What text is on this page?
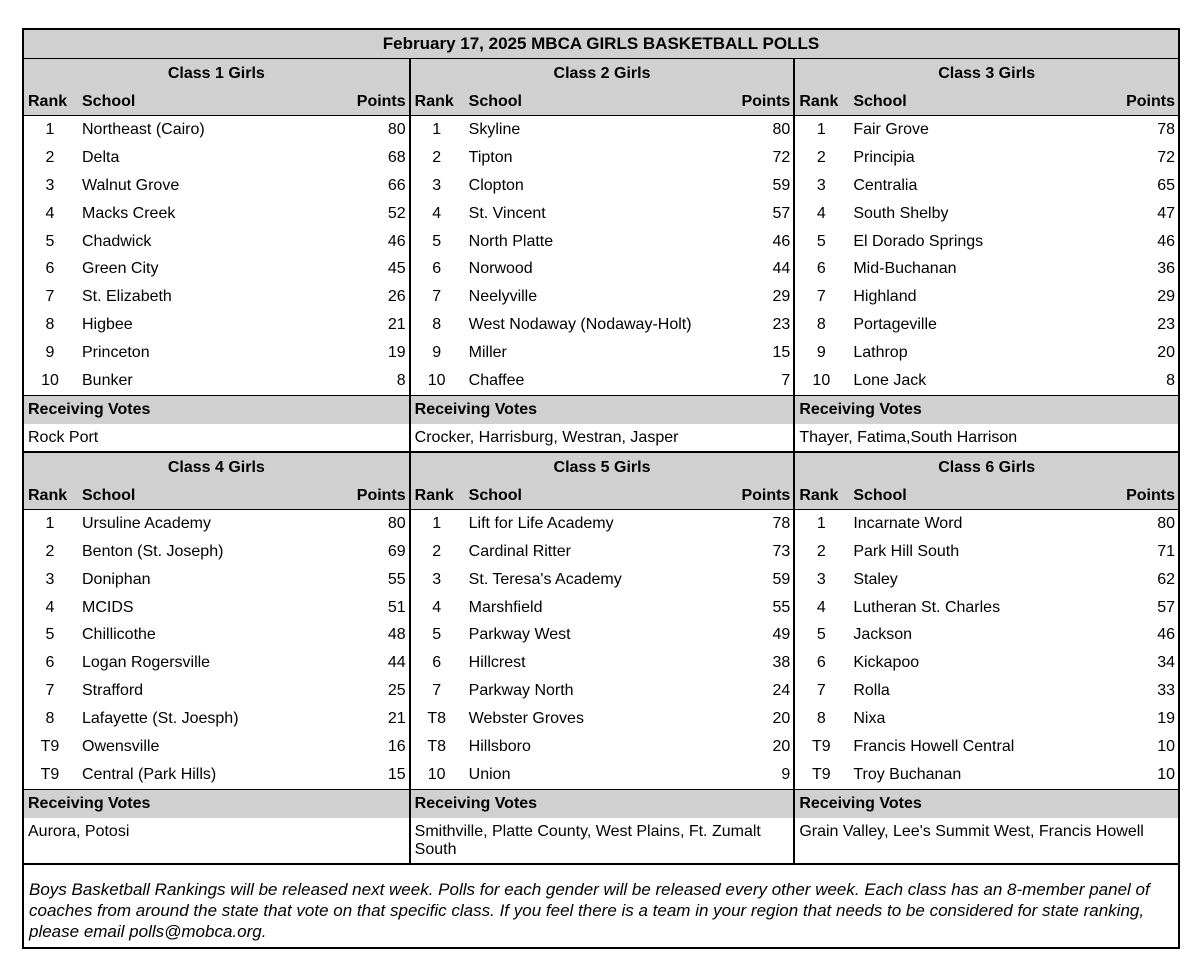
February 17, 2025 MBCA GIRLS BASKETBALL POLLS
Class 1 Girls
Rank School	Points
1	Northeast (Cairo)	80
2	Delta	68
3	Walnut Grove	66
4	Macks Creek	52
5	Chadwick	46
6	Green City	45
7	St. Elizabeth	26
8	Higbee	21
9	Princeton	19
10	Bunker	8
Receiving Votes
Rock Port
Class 2 Girls
Rank School	Points
1	Skyline	80
2	Tipton	72
3	Clopton	59
4	St. Vincent	57
5	North Platte	46
6	Norwood	44
7	Neelyville	29
8	West Nodaway (Nodaway-Holt)	23
9	Miller	15
10	Chaffee	7
Receiving Votes
Crocker, Harrisburg, Westran, Jasper
Class 3 Girls
Rank School	Points
1	Fair Grove	78
2	Principia	72
3	Centralia	65
4	South Shelby	47
5	El Dorado Springs	46
6	Mid-Buchanan	36
7	Highland	29
8	Portageville	23
9	Lathrop	20
10	Lone Jack	8
Receiving Votes
Thayer, Fatima,South Harrison
Class 4 Girls
Rank School	Points
1	Ursuline Academy	80
2	Benton (St. Joseph)	69
3	Doniphan	55
4	MCIDS	51
5	Chillicothe	48
6	Logan Rogersville	44
7	Strafford	25
8	Lafayette (St. Joesph)	21
T9	Owensville	16
T9	Central (Park Hills)	15
Receiving Votes
Aurora, Potosi
Class 5 Girls
Rank School	Points
1	Lift for Life Academy	78
2	Cardinal Ritter	73
3	St. Teresa's Academy	59
4	Marshfield	55
5	Parkway West	49
6	Hillcrest	38
7	Parkway North	24
T8	Webster Groves	20
T8	Hillsboro	20
10	Union	9
Receiving Votes
Smithville, Platte County, West Plains, Ft. Zumalt South
Class 6 Girls
Rank School	Points
1	Incarnate Word	80
2	Park Hill South	71
3	Staley	62
4	Lutheran St. Charles	57
5	Jackson	46
6	Kickapoo	34
7	Rolla	33
8	Nixa	19
T9	Francis Howell Central	10
T9	Troy Buchanan	10
Receiving Votes
Grain Valley, Lee's Summit West, Francis Howell
Boys Basketball Rankings will be released next week. Polls for each gender will be released every other week. Each class has an 8-member panel of coaches from around the state that vote on that specific class. If you feel there is a team in your region that needs to be considered for state ranking, please email polls@mobca.org.
